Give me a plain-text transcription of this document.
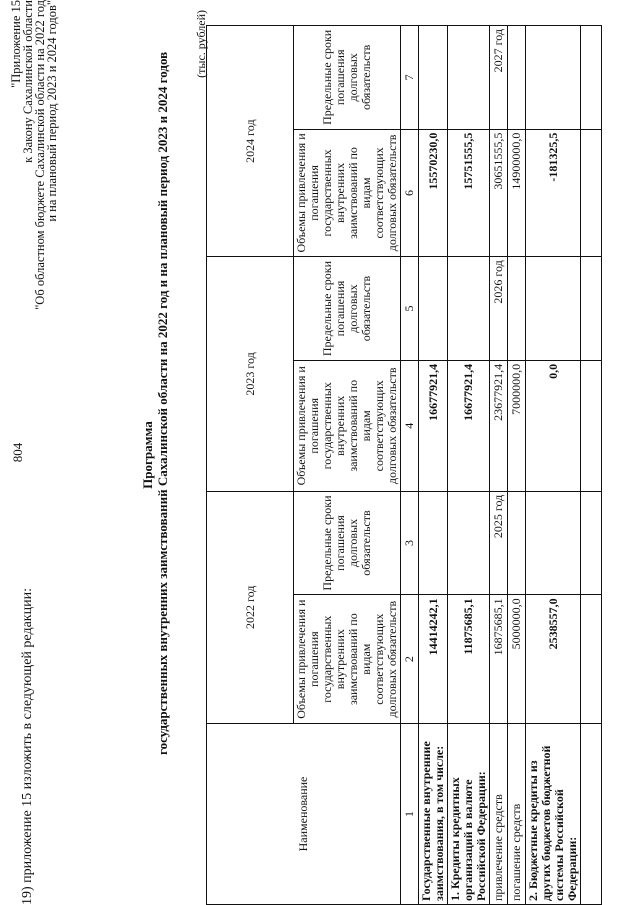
804
19) приложение 15 изложить в следующей редакции:
"Приложение 15
к Закону Сахалинской области
"Об областном бюджете Сахалинской области на 2022 год
и на плановый период 2023 и 2024 годов"
Программа государственных внутренних заимствований Сахалинской области на 2022 год и на плановый период 2023 и 2024 годов
(тыс. рублей)
Наименование	2022 год		2023 год		2024 год	
	Объемы привлечения и погашения государственных внутренних заимствований по видам соответствующих долговых обязательств	Предельные сроки погашения долговых обязательств	Объемы привлечения и погашения государственных внутренних заимствований по видам соответствующих долговых обязательств	Предельные сроки погашения долговых обязательств	Объемы привлечения и погашения государственных внутренних заимствований по видам соответствующих долговых обязательств	Предельные сроки погашения долговых обязательств
1	2	3	4	5	6	7
Государственные внутренние заимствования, в том числе:	14414242,1		16677921,4		15570230,0	
1. Кредиты кредитных организаций в валюте Российской Федерации:	11875685,1		16677921,4		15751555,5	
привлечение средств	16875685,1	2025 год	23677921,4	2026 год	30651555,5	2027 год
погашение средств	5000000,0		7000000,0		14900000,0	
2. Бюджетные кредиты из других бюджетов бюджетной системы Российской Федерации:	2538557,0		0,0		-181325,5	
